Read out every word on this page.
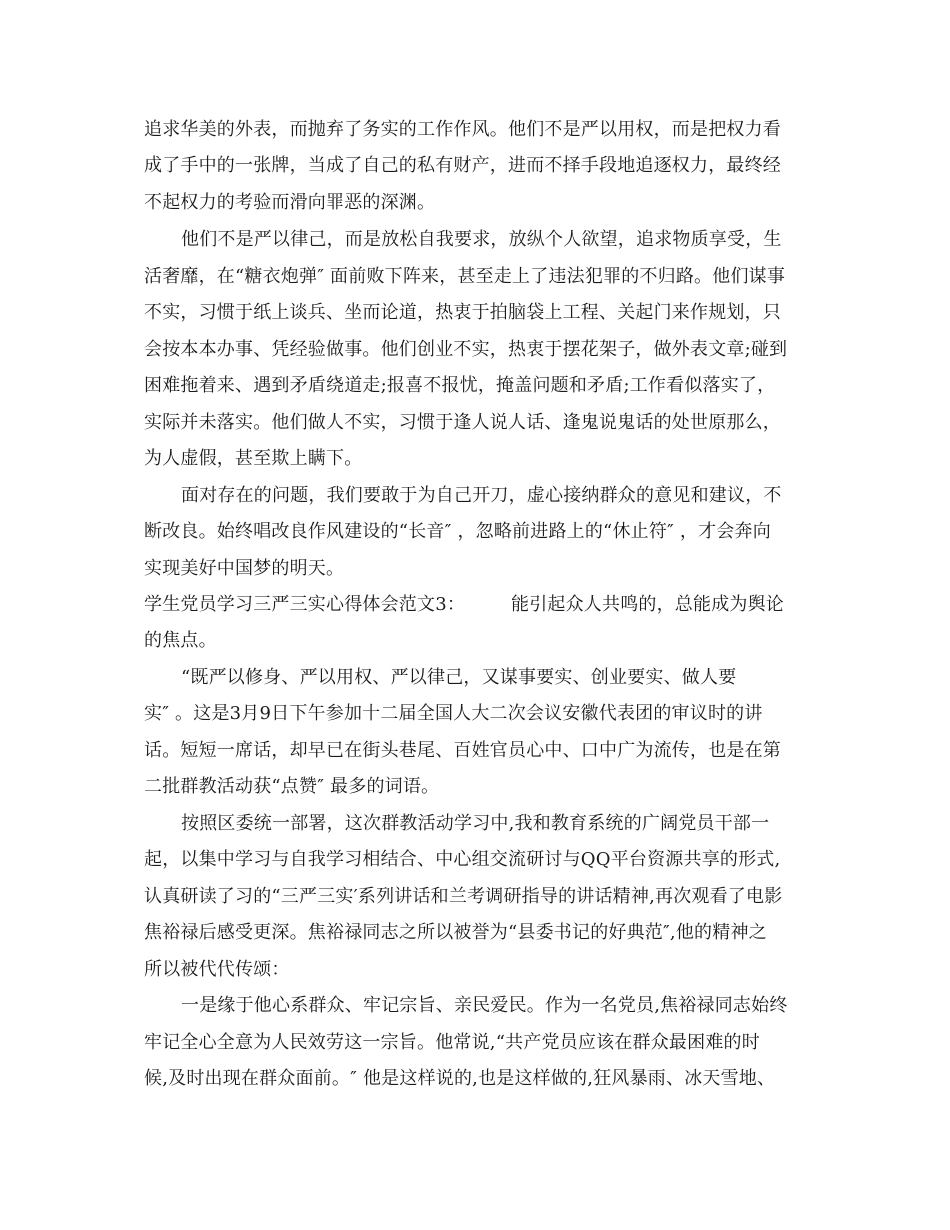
追求华美的外表，而抛弃了务实的工作作风。他们不是严以用权，而是把权力看
成了手中的一张牌，当成了自己的私有财产，进而不择手段地追逐权力，最终经
不起权力的考验而滑向罪恶的深渊。
他们不是严以律己，而是放松自我要求，放纵个人欲望，追求物质享受，生
活奢靡，在“糖衣炮弹″ 面前败下阵来，甚至走上了违法犯罪的不归路。他们谋事
不实，习惯于纸上谈兵、坐而论道，热衷于拍脑袋上工程、关起门来作规划，只
会按本本办事、凭经验做事。他们创业不实，热衷于摆花架子，做外表文章;碰到
困难拖着来、遇到矛盾绕道走;报喜不报忧，掩盖问题和矛盾;工作看似落实了，
实际并未落实。他们做人不实，习惯于逢人说人话、逢鬼说鬼话的处世原那么，
为人虚假，甚至欺上瞒下。
面对存在的问题，我们要敢于为自己开刀，虚心接纳群众的意见和建议，不
断改良。始终唱改良作风建设的“长音″ ，忽略前进路上的“休止符″ ，才会奔向
实现美好中国梦的明天。
学生党员学习三严三实心得体会范文3：	能引起众人共鸣的，总能成为舆论
的焦点。
“既严以修身、严以用权、严以律己，又谋事要实、创业要实、做人要
实″ 。这是3月9日下午参加十二届全国人大二次会议安徽代表团的审议时的讲
话。短短一席话，却早已在街头巷尾、百姓官员心中、口中广为流传，也是在第
二批群教活动获“点赞″ 最多的词语。
按照区委统一部署，这次群教活动学习中,我和教育系统的广阔党员干部一
起，以集中学习与自我学习相结合、中心组交流研讨与QQ平台资源共享的形式,
认真研读了习的“三严三实′系列讲话和兰考调研指导的讲话精神,再次观看了电影
焦裕禄后感受更深。焦裕禄同志之所以被誉为“县委书记的好典范″,他的精神之
所以被代代传颂：
一是缘于他心系群众、牢记宗旨、亲民爱民。作为一名党员,焦裕禄同志始终
牢记全心全意为人民效劳这一宗旨。他常说,“共产党员应该在群众最困难的时
候,及时出现在群众面前。″ 他是这样说的,也是这样做的,狂风暴雨、冰天雪地、
